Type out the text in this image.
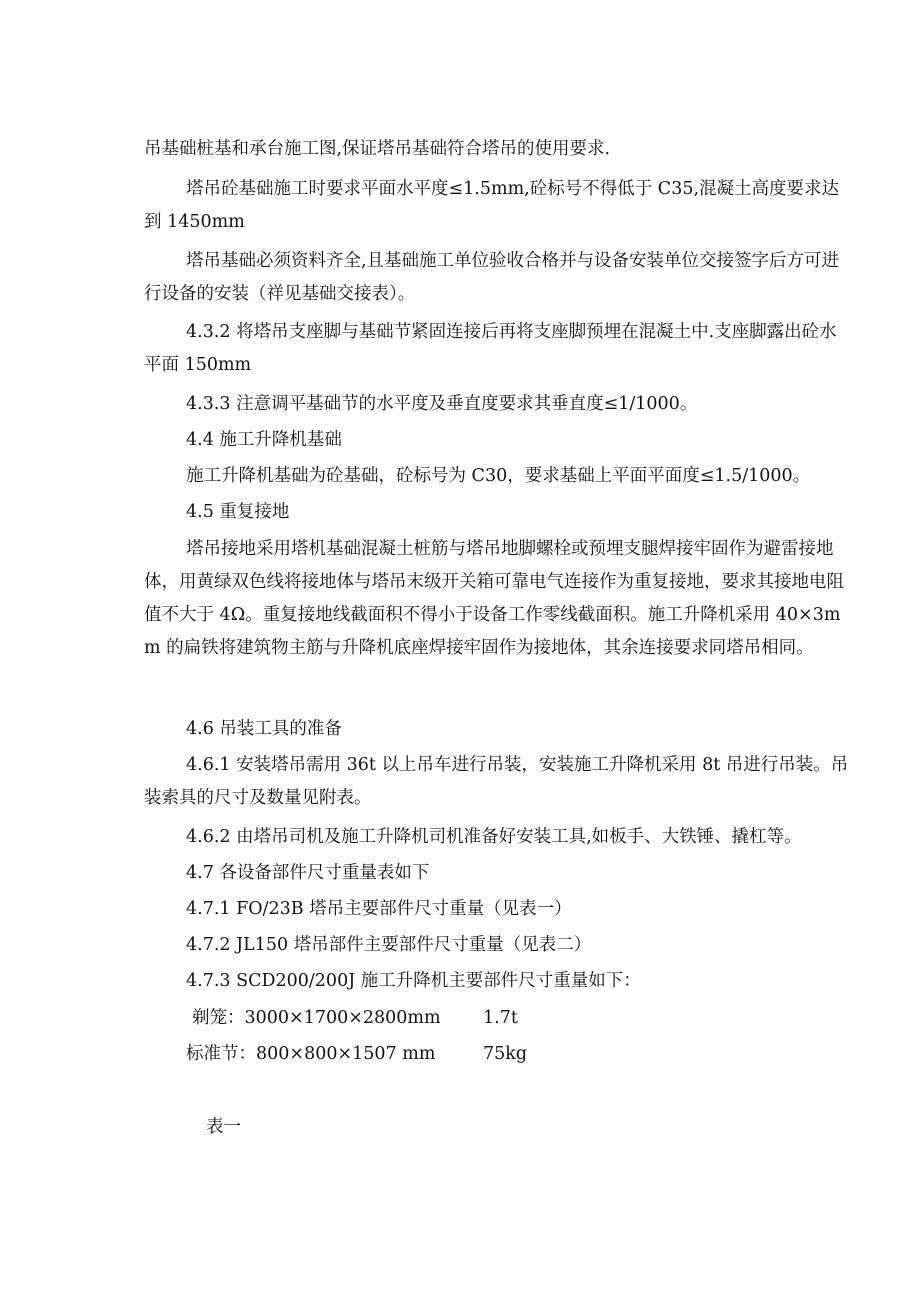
吊基础桩基和承台施工图,保证塔吊基础符合塔吊的使用要求.

塔吊砼基础施工时要求平面水平度≤1.5mm,砼标号不得低于 C35,混凝土高度要求达到 1450mm

塔吊基础必须资料齐全,且基础施工单位验收合格并与设备安装单位交接签字后方可进行设备的安装（祥见基础交接表）。

4.3.2 将塔吊支座脚与基础节紧固连接后再将支座脚预埋在混凝土中.支座脚露出砼水平面 150mm

4.3.3 注意调平基础节的水平度及垂直度要求其垂直度≤1/1000。

4.4 施工升降机基础

施工升降机基础为砼基础，砼标号为 C30，要求基础上平面平面度≤1.5/1000。

4.5 重复接地

塔吊接地采用塔机基础混凝土桩筋与塔吊地脚螺栓或预埋支腿焊接牢固作为避雷接地体，用黄绿双色线将接地体与塔吊末级开关箱可靠电气连接作为重复接地，要求其接地电阻值不大于 4Ω。重复接地线截面积不得小于设备工作零线截面积。施工升降机采用 40×3mm 的扁铁将建筑物主筋与升降机底座焊接牢固作为接地体，其余连接要求同塔吊相同。

4.6 吊装工具的准备

4.6.1 安装塔吊需用 36t 以上吊车进行吊装，安装施工升降机采用 8t 吊进行吊装。吊装索具的尺寸及数量见附表。

4.6.2 由塔吊司机及施工升降机司机准备好安装工具,如板手、大铁锤、撬杠等。

4.7 各设备部件尺寸重量表如下

4.7.1 FO/23B 塔吊主要部件尺寸重量（见表一）

4.7.2 JL150 塔吊部件主要部件尺寸重量（见表二）

4.7.3 SCD200/200J 施工升降机主要部件尺寸重量如下：

剃笼：3000×1700×2800mm 1.7t
标准节：800×800×1507 mm	75kg
表一
